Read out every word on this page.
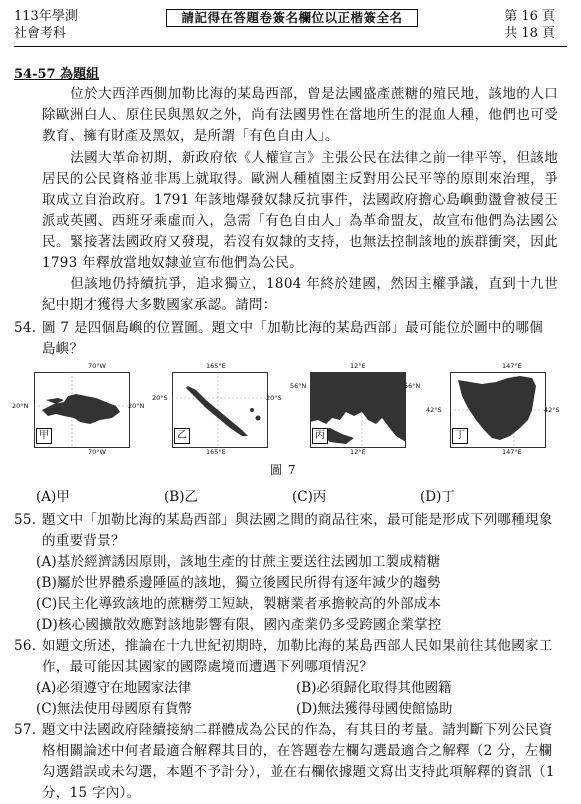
113年學測
社會考科
請記得在答題卷簽名欄位以正楷簽全名	第 16 頁
共 18 頁
54-57 為題組
位於大西洋西側加勒比海的某島西部，曾是法國盛產蔗糖的殖民地，該地的人口除歐洲白人、原住民與黑奴之外，尚有法國男性在當地所生的混血人種，他們也可受教育、擁有財產及黑奴，是所謂「有色自由人」。
法國大革命初期，新政府依《人權宣言》主張公民在法律之前一律平等，但該地居民的公民資格並非馬上就取得。歐洲人種植園主反對用公民平等的原則來治理，爭取成立自治政府。1791 年該地爆發奴隸反抗事件，法國政府擔心島嶼動盪會被侵王派或英國、西班牙乘虛而入，急需「有色自由人」為革命盟友，故宣布他們為法國公民。緊接著法國政府又發現，若沒有奴隸的支持，也無法控制該地的族群衝突，因此 1793 年釋放當地奴隸並宣布他們為公民。
但該地仍持續抗爭，追求獨立，1804 年終於建國，然因主權爭議，直到十九世紀中期才獲得大多數國家承認。請問：
54. 圖 7 是四個島嶼的位置圖。題文中「加勒比海的某島西部」最可能位於圖中的哪個島嶼？
70°W
70°W
20°N	20°N
甲
165°E
165°E
20°S	20°S
乙
12°E
12°E
56°N	56°N
丙
147°E
147°E
42°S	42°S
丁
圖 7
(A)甲	(B)乙	(C)丙	(D)丁
55. 題文中「加勒比海的某島西部」與法國之間的商品往來，最可能是形成下列哪種現象的重要背景？
(A)基於經濟誘因原則，該地生產的甘蔗主要送往法國加工製成精糖
(B)屬於世界體系邊陲區的該地，獨立後國民所得有逐年減少的趨勢
(C)民主化導致該地的蔗糖勞工短缺，製糖業者承擔較高的外部成本
(D)核心國擴散效應對該地影響有限，國內產業仍多受跨國企業掌控
56. 如題文所述，推論在十九世紀初期時，加勒比海的某島西部人民如果前往其他國家工作，最可能因其國家的國際處境而遭遇下列哪項情況？
(A)必須遵守在地國家法律	(B)必須歸化取得其他國籍
(C)無法使用母國原有貨幣	(D)無法獲得母國使館協助
57. 題文中法國政府陸續接納二群體成為公民的作為，有其目的考量。請判斷下列公民資格相關論述中何者最適合解釋其目的，在答題卷左欄勾選最適合之解釋（2 分，左欄勾選錯誤或未勾選，本題不予計分），並在右欄依據題文寫出支持此項解釋的資訊（1 分，15 字內）。
